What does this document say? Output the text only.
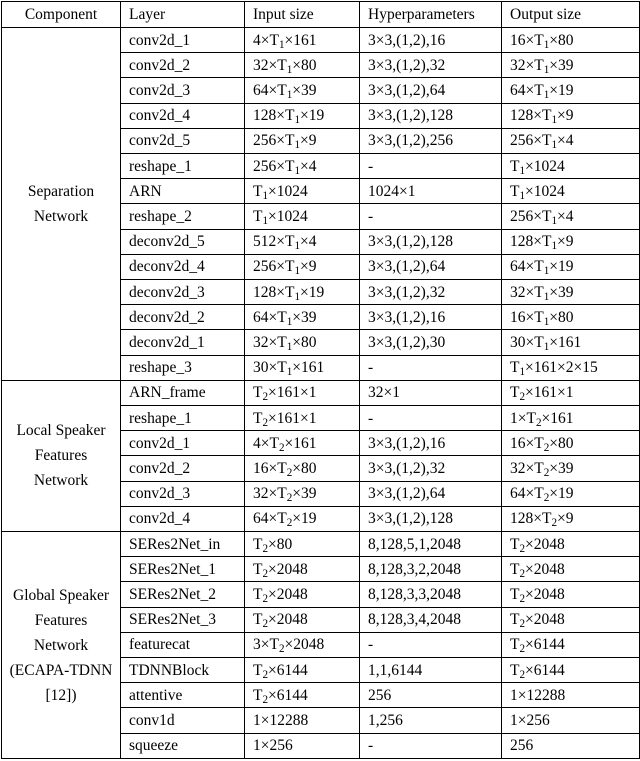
Component	Layer	Input size	Hyperparameters	Output size
Separation Network	conv2d_1	$4\times T_1\times 161$	3×3,(1,2),16	$16\times T_1\times 80$
	conv2d_2	$32\times T_1\times 80$	3×3,(1,2),32	$32\times T_1\times 39$
	conv2d_3	$64\times T_1\times 39$	3×3,(1,2),64	$64\times T_1\times 19$
	conv2d_4	$128\times T_1\times 19$	3×3,(1,2),128	$128\times T_1\times 9$
	conv2d_5	$256\times T_1\times 9$	3×3,(1,2),256	$256\times T_1\times 4$
	reshape_1	$256\times T_1\times 4$	-	$T_1\times 1024$
	ARN	$T_1\times 1024$	1024×1	$T_1\times 1024$
	reshape_2	$T_1\times 1024$	-	$256\times T_1\times 4$
	deconv2d_5	$512\times T_1\times 4$	3×3,(1,2),128	$128\times T_1\times 9$
	deconv2d_4	$256\times T_1\times 9$	3×3,(1,2),64	$64\times T_1\times 19$
	deconv2d_3	$128\times T_1\times 19$	3×3,(1,2),32	$32\times T_1\times 39$
	deconv2d_2	$64\times T_1\times 39$	3×3,(1,2),16	$16\times T_1\times 80$
	deconv2d_1	$32\times T_1\times 80$	3×3,(1,2),30	$30\times T_1\times 161$
	reshape_3	$30\times T_1\times 161$	-	$T_1\times 161\times 2\times 15$
Local Speaker Features Network	ARN_frame	$T_2\times 161\times 1$	32×1	$T_2\times 161\times 1$
	reshape_1	$T_2\times 161\times 1$	-	$1\times T_2\times 161$
	conv2d_1	$4\times T_2\times 161$	3×3,(1,2),16	$16\times T_2\times 80$
	conv2d_2	$16\times T_2\times 80$	3×3,(1,2),32	$32\times T_2\times 39$
	conv2d_3	$32\times T_2\times 39$	3×3,(1,2),64	$64\times T_2\times 19$
	conv2d_4	$64\times T_2\times 19$	3×3,(1,2),128	$128\times T_2\times 9$
Global Speaker Features Network (ECAPA-TDNN [12])	SERes2Net_in	$T_2\times 80$	8,128,5,1,2048	$T_2\times 2048$
	SERes2Net_1	$T_2\times 2048$	8,128,3,2,2048	$T_2\times 2048$
	SERes2Net_2	$T_2\times 2048$	8,128,3,3,2048	$T_2\times 2048$
	SERes2Net_3	$T_2\times 2048$	8,128,3,4,2048	$T_2\times 2048$
	featurecat	$3\times T_2\times 2048$	-	$T_2\times 6144$
	TDNNBlock	$T_2\times 6144$	1,1,6144	$T_2\times 6144$
	attentive	$T_2\times 6144$	256	1×12288
	conv1d	1×12288	1,256	1×256
	squeeze	1×256	-	256
